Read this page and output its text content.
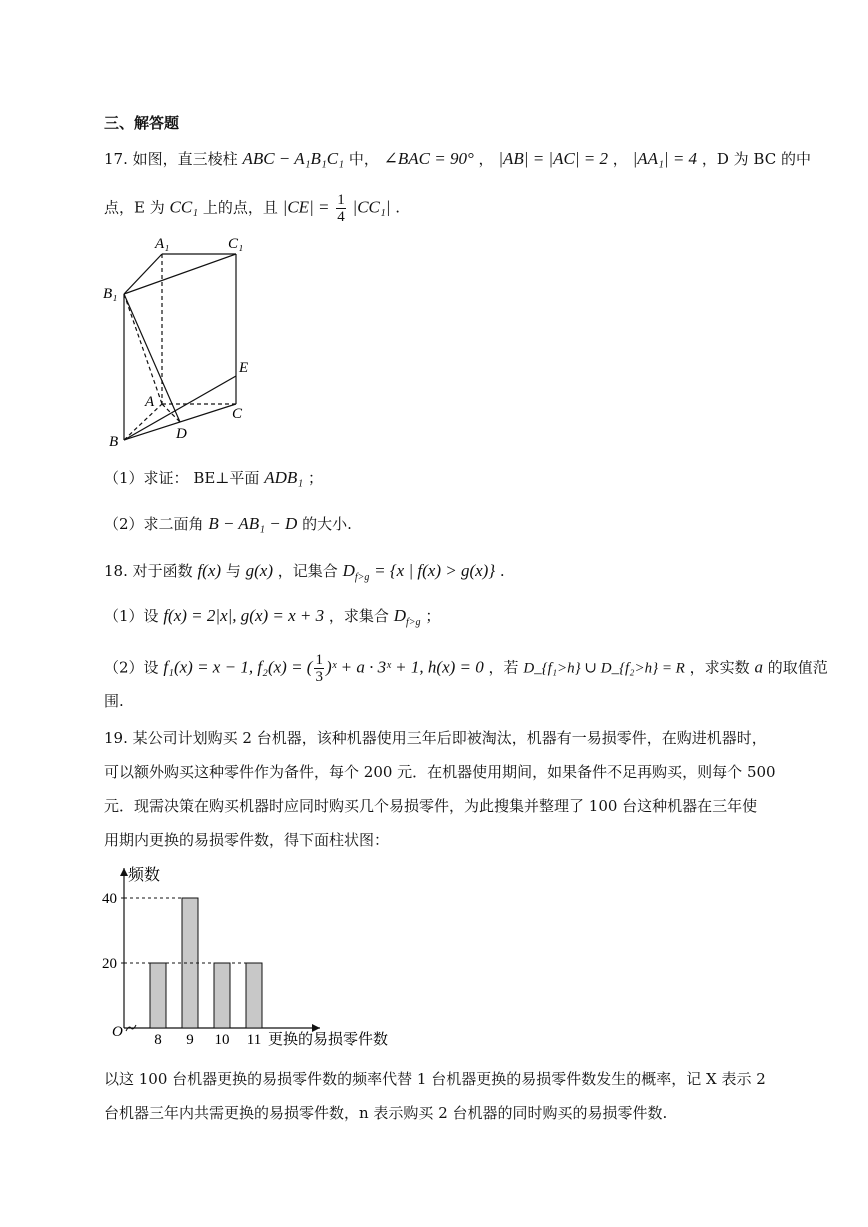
三、解答题
17. 如图，直三棱柱 ABC − A₁B₁C₁ 中， ∠BAC = 90° ， |AB| = |AC| = 2 ， |AA₁| = 4 ，D 为 BC 的中
点，E 为 CC₁ 上的点，且 $|CE| = \frac{1}{4} |CC_1|$ .
A₁	C₁
B₁
E
A
C
B	D
（1）求证： BE⊥平面 ADB₁ ；
（2）求二面角 B − AB₁ − D 的大小.
18. 对于函数 f(x) 与 g(x) ，记集合 $D_{f>g} = \{x$ | f(x) > g(x)} .
（1）设 f(x) = 2|x|, g(x) = x + 3 ，求集合 $D_{f>g}$ ；
（2）设 f₁(x) = x − 1, f₂(x) = ( $\frac{1}{3}$ )ˣ + a · 3ˣ + 1, h(x) = 0 ，若 D_{f₁>h} ∪ D_{f₂>h} = R ，求实数 a 的取值范
围.
19. 某公司计划购买 2 台机器，该种机器使用三年后即被淘汰，机器有一易损零件，在购进机器时，
可以额外购买这种零件作为备件，每个 200 元．在机器使用期间，如果备件不足再购买，则每个 500
元．现需决策在购买机器时应同时购买几个易损零件，为此搜集并整理了 100 台这种机器在三年使
用期内更换的易损零件数，得下面柱状图：
频数
更换的易损零件数
O
20
40
8 9 10 11
以这 100 台机器更换的易损零件数的频率代替 1 台机器更换的易损零件数发生的概率，记 X 表示 2
台机器三年内共需更换的易损零件数，n 表示购买 2 台机器的同时购买的易损零件数.
